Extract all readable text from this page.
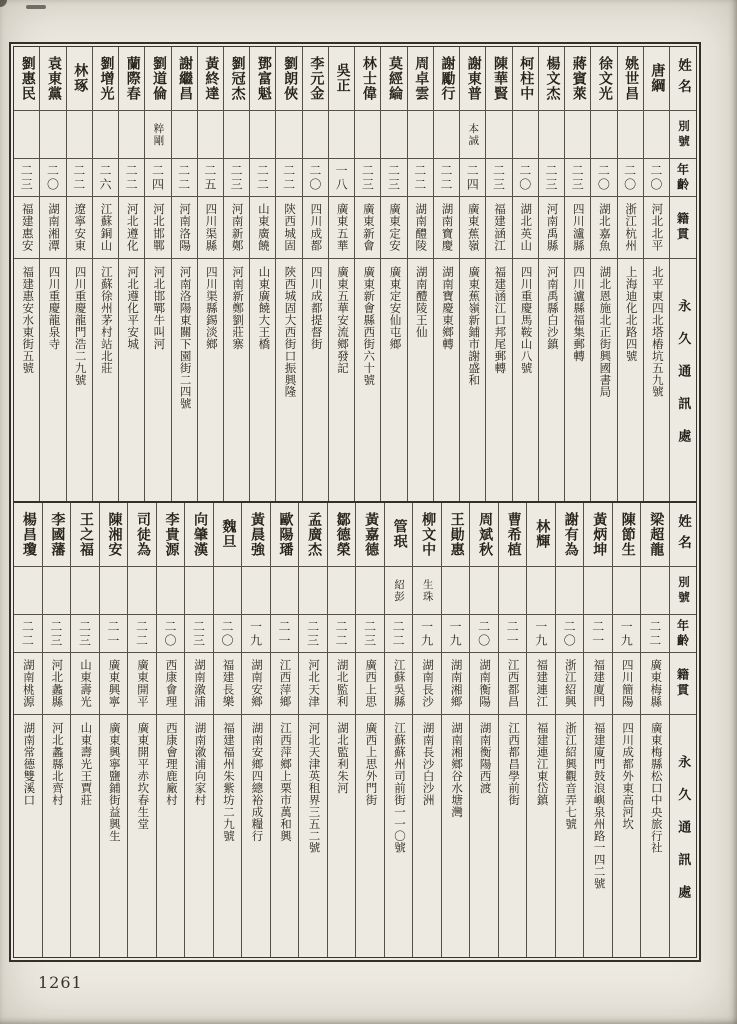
姓名
別號
年齡
籍貫
永久通訊處
唐綱
二〇
河北北平
北平東四北塔樁坑五九號
姚世昌
二〇
浙江杭州
上海迪化北路四號
徐文光
二〇
湖北嘉魚
湖北恩施北正街興國書局
蔣賓萊
二三
四川瀘縣
四川瀘縣福集郵轉
楊文杰
二三
河南禹縣
河南禹縣白沙鎮
柯柱中
二〇
湖北英山
四川重慶馬鞍山八號
陳華賢
二三
福建涵江
福建涵江口邦尾郵轉
謝東普
本誠
二四
廣東蕉嶺
廣東蕉嶺新鋪市謝盛和
謝勵行
二二
湖南寶慶
湖南寶慶東鄉轉
周卓雲
二二
湖南醴陵
湖南醴陵王仙
莫經綸
二三
廣東定安
廣東定安仙屯鄉
林士偉
二三
廣東新會
廣東新會縣西街六十號
吳正
一八
廣東五華
廣東五華安流鄉發記
李元金
二〇
四川成都
四川成都提督街
劉朗俠
二二
陝西城固
陝西城固大西街口振興隆
鄧富魁
二二
山東廣饒
山東廣饒大王橋
劉冠杰
二三
河南新鄭
河南新鄭劉莊寨
黃終達
二五
四川渠縣
四川渠縣錫淡鄉
謝繼昌
二二
河南洛陽
河南洛陽東關下園街二四號
劉道倫
粹剛
二四
河北邯鄲
河北邯鄲牛叫河
蘭際春
二二
河北遵化
河北遵化平安城
劉增光
二六
江蘇銅山
江蘇徐州茅村站北莊
林琢
二二
遼寧安東
四川重慶龍門浩二九號
袁東黨
二〇
湖南湘潭
四川重慶龍泉寺
劉惠民
二三
福建惠安
福建惠安水東街五號
姓名
別號
年齡
籍貫
永久通訊處
梁超龍
二二
廣東梅縣
廣東梅縣松口中央旅行社
陳節生
一九
四川簡陽
四川成都外東高河坎
黃炳坤
二一
福建廈門
福建廈門鼓浪嶼泉州路一四二號
謝有為
二〇
浙江紹興
浙江紹興觀音弄七號
林輝
一九
福建連江
福建連江東岱鎮
曹希植
二一
江西都昌
江西都昌學前街
周斌秋
二〇
湖南衡陽
湖南衡陽西渡
王勛惠
一九
湖南湘鄉
湖南湘鄉谷水塘灣
柳文中
生珠
一九
湖南長沙
湖南長沙白沙洲
管珉
紹彭
二二
江蘇吳縣
江蘇蘇州司前街一一〇號
黃嘉德
二三
廣西上思
廣西上思外門街
鄒德榮
二二
湖北監利
湖北監利朱河
孟廣杰
二三
河北天津
河北天津英租界三五二號
歐陽璠
二一
江西萍鄉
江西萍鄉上栗市萬和興
黃晨強
一九
湖南安鄉
湖南安鄉四總裕成糧行
魏旦
二〇
福建長樂
福建福州朱紫坊二九號
向肇漢
二三
湖南漵浦
湖南漵浦向家村
李貴源
二〇
西康會理
西康會理鹿廠村
司徒為
二二
廣東開平
廣東開平赤坎春生堂
陳湘安
二一
廣東興寧
廣東興寧鹽鋪街益興生
王之福
二三
山東壽光
山東壽光王賈莊
李國藩
二三
河北蠡縣
河北蠡縣北齊村
楊昌瓊
二二
湖南桃源
湖南常德雙溪口
1261
